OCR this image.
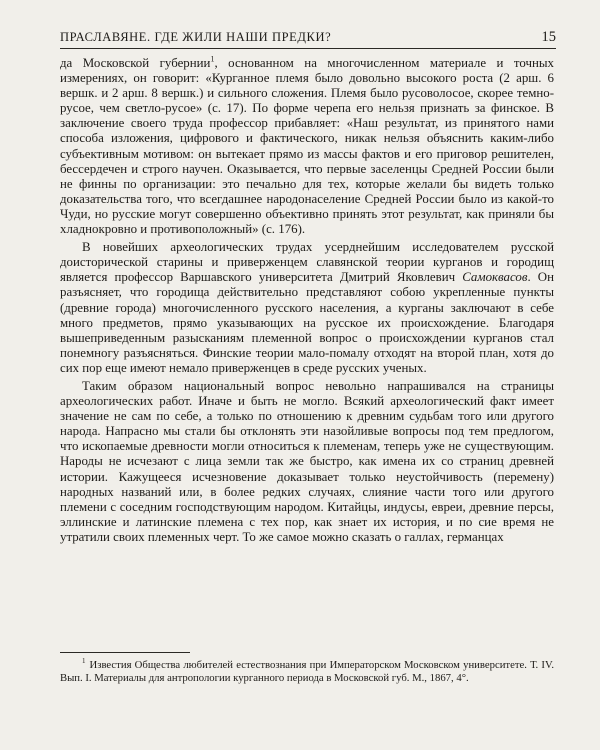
ПРАСЛАВЯНЕ. ГДЕ ЖИЛИ НАШИ ПРЕДКИ?	15

да Московской губернии$^1$, основанном на многочисленном материале и точных измерениях, он говорит: «Курганное племя было довольно высокого роста (2 арш. 6 вершк. и 2 арш. 8 вершк.) и сильного сложения. Племя было русоволосое, скорее темно-русое, чем светло-русое» (с. 17). По форме черепа его нельзя признать за финское. В заключение своего труда профессор прибавляет: «Наш результат, из принятого нами способа изложения, цифрового и фактического, никак нельзя объяснить каким-либо субъективным мотивом: он вытекает прямо из массы фактов и его приговор решителен, бессердечен и строго научен. Оказывается, что первые заселенцы Средней России были не финны по организации: это печально для тех, которые желали бы видеть только доказательства того, что всегдашнее народонаселение Средней России было из какой-то Чуди, но русские могут совершенно объективно принять этот результат, как приняли бы хладнокровно и противоположный» (с. 176).

В новейших археологических трудах усерднейшим исследователем русской доисторической старины и приверженцем славянской теории курганов и городищ является профессор Варшавского университета Дмитрий Яковлевич Самоквасов. Он разъясняет, что городища действительно представляют собою укрепленные пункты (древние города) многочисленного русского населения, а курганы заключают в себе много предметов, прямо указывающих на русское их происхождение. Благодаря вышеприведенным разысканиям племенной вопрос о происхождении курганов стал понемногу разъясняться. Финские теории мало-помалу отходят на второй план, хотя до сих пор еще имеют немало приверженцев в среде русских ученых.

Таким образом национальный вопрос невольно напрашивался на страницы археологических работ. Иначе и быть не могло. Всякий археологический факт имеет значение не сам по себе, а только по отношению к древним судьбам того или другого народа. Напрасно мы стали бы отклонять эти назойливые вопросы под тем предлогом, что ископаемые древности могли относиться к племенам, теперь уже не существующим. Народы не исчезают с лица земли так же быстро, как имена их со страниц древней истории. Кажущееся исчезновение доказывает только неустойчивость (перемену) народных названий или, в более редких случаях, слияние части того или другого племени с соседним господствующим народом. Китайцы, индусы, евреи, древние персы, эллинские и латинские племена с тех пор, как знает их история, и по сие время не утратили своих племенных черт. То же самое можно сказать о галлах, германцах

$^1$ Известия Общества любителей естествознания при Императорском Московском университете. Т. IV. Вып. I. Материалы для антропологии курганного периода в Московской губ. М., 1867, 4°.
